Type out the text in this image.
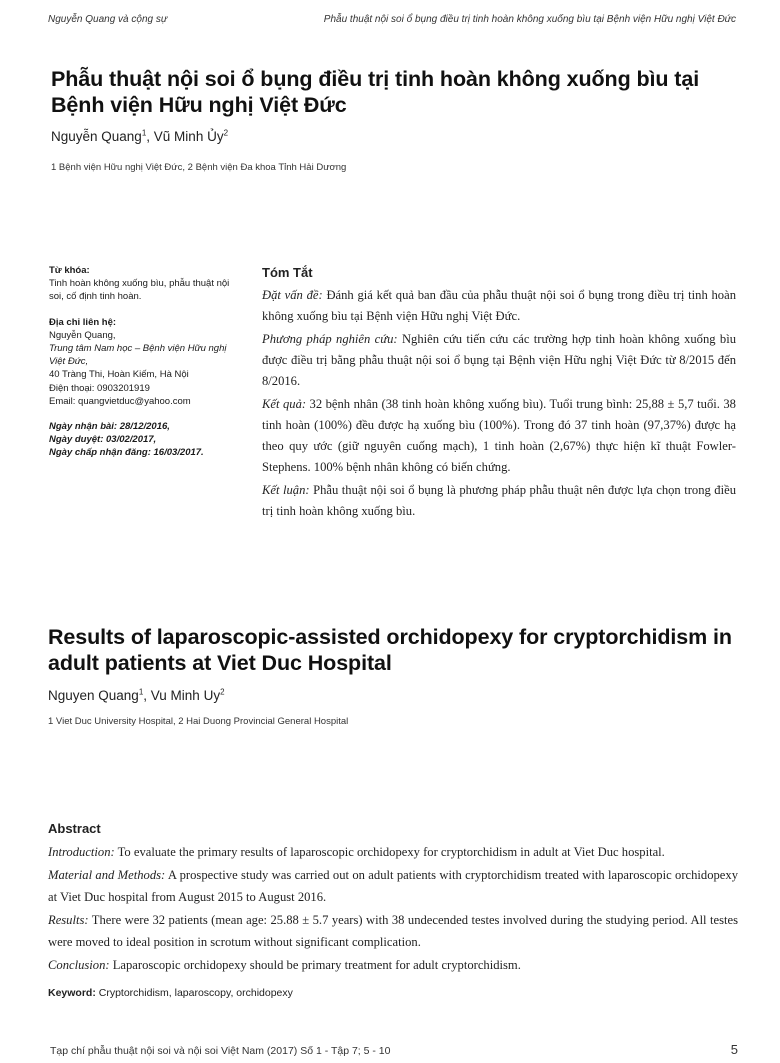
Nguyễn Quang và cộng sự	Phẫu thuật nội soi ổ bụng điều trị tinh hoàn không xuống bìu tại Bệnh viện Hữu nghị Việt Đức
Phẫu thuật nội soi ổ bụng điều trị tinh hoàn không xuống bìu tại Bệnh viện Hữu nghị Việt Đức
Nguyễn Quang$^1$, Vũ Minh Ủy$^2$
1 Bệnh viện Hữu nghị Việt Đức, 2 Bệnh viện Đa khoa Tỉnh Hải Dương
Từ khóa:
Tinh hoàn không xuống bìu, phẫu thuật nội soi, cố định tinh hoàn.
Địa chỉ liên hệ:
Nguyễn Quang,
Trung tâm Nam học – Bệnh viện Hữu nghị Việt Đức,
40 Tràng Thi, Hoàn Kiếm, Hà Nội
Điện thoại: 0903201919
Email: quangvietduc@yahoo.com
Ngày nhận bài: 28/12/2016,
Ngày duyệt: 03/02/2017,
Ngày chấp nhận đăng: 16/03/2017.
Tóm Tắt

Đặt vấn đề: Đánh giá kết quả ban đầu của phẫu thuật nội soi ổ bụng trong điều trị tinh hoàn không xuống bìu tại Bệnh viện Hữu nghị Việt Đức.

Phương pháp nghiên cứu: Nghiên cứu tiến cứu các trường hợp tinh hoàn không xuống bìu được điều trị bằng phẫu thuật nội soi ổ bụng tại Bệnh viện Hữu nghị Việt Đức từ 8/2015 đến 8/2016.

Kết quả: 32 bệnh nhân (38 tinh hoàn không xuống bìu). Tuổi trung bình: 25,88 ± 5,7 tuổi. 38 tinh hoàn (100%) đều được hạ xuống bìu (100%). Trong đó 37 tinh hoàn (97,37%) được hạ theo quy ước (giữ nguyên cuống mạch), 1 tinh hoàn (2,67%) thực hiện kĩ thuật Fowler-Stephens. 100% bệnh nhân không có biến chứng.

Kết luận: Phẫu thuật nội soi ổ bụng là phương pháp phẫu thuật nên được lựa chọn trong điều trị tinh hoàn không xuống bìu.

Results of laparoscopic-assisted orchidopexy for cryptorchidism in adult patients at Viet Duc Hospital
Nguyen Quang$^1$, Vu Minh Uy$^2$
1 Viet Duc University Hospital, 2 Hai Duong Provincial General Hospital
Abstract

Introduction: To evaluate the primary results of laparoscopic orchidopexy for cryptorchidism in adult at Viet Duc hospital.

Material and Methods: A prospective study was carried out on adult patients with cryptorchidism treated with laparoscopic orchidopexy at Viet Duc hospital from August 2015 to August 2016.

Results: There were 32 patients (mean age: 25.88 ± 5.7 years) with 38 undecended testes involved during the studying period. All testes were moved to ideal position in scrotum without significant complication.

Conclusion: Laparoscopic orchidopexy should be primary treatment for adult cryptorchidism.

Keyword: Cryptorchidism, laparoscopy, orchidopexy

Tạp chí phẫu thuật nội soi và nội soi Việt Nam (2017) Số 1 - Tập 7; 5 - 10	5
